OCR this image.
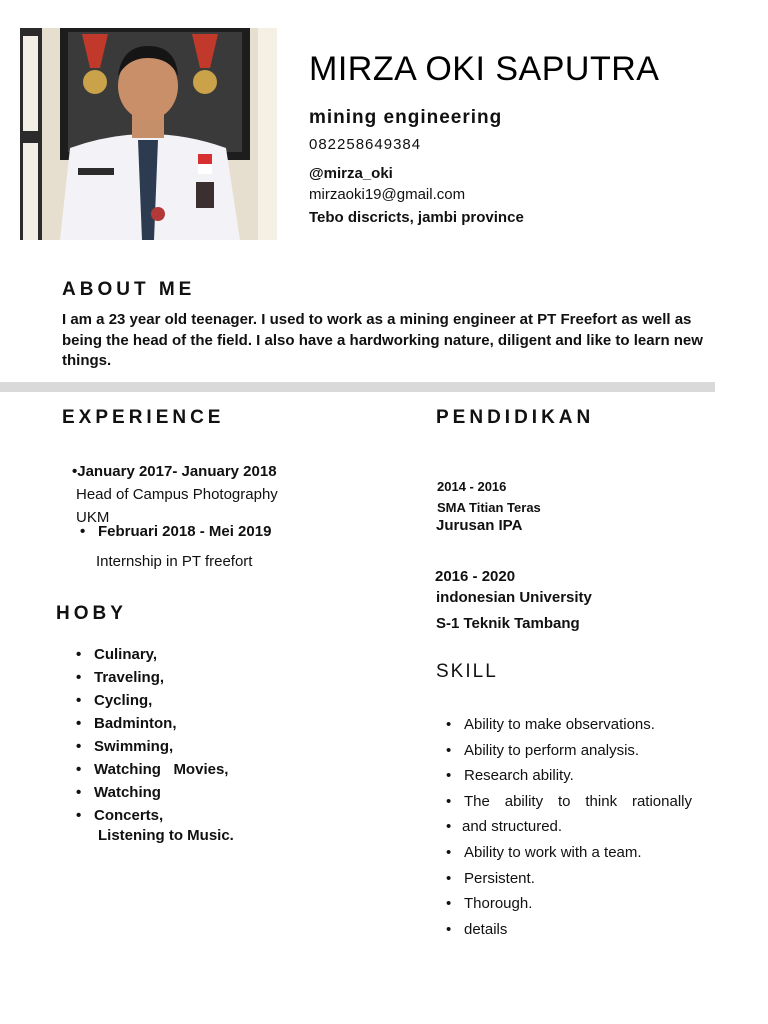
MIRZA OKI SAPUTRA
mining engineering
082258649384
@mirza_oki
mirzaoki19@gmail.com
Tebo discricts, jambi province
ABOUT ME
I am a 23 year old teenager. I used to work as a mining engineer at PT Freefort as well as being the head of the field. I also have a hardworking nature, diligent and like to learn new things.
EXPERIENCE
•January 2017- January 2018
Head of Campus Photography
UKM
• Februari 2018 - Mei 2019
Internship in PT freefort
PENDIDIKAN
2014 - 2016
SMA Titian Teras
Jurusan IPA
2016 - 2020
indonesian University
S-1 Teknik Tambang
HOBY
• Culinary,
• Traveling,
• Cycling,
• Badminton,
• Swimming,
• Watching   Movies,
• Watching
• Concerts,
Listening to Music.
SKILL
• Ability to make observations.
• Ability to perform analysis.
• Research ability.
• The ability to think rationally
• and structured.
• Ability to work with a team.
• Persistent.
• Thorough.
• details
